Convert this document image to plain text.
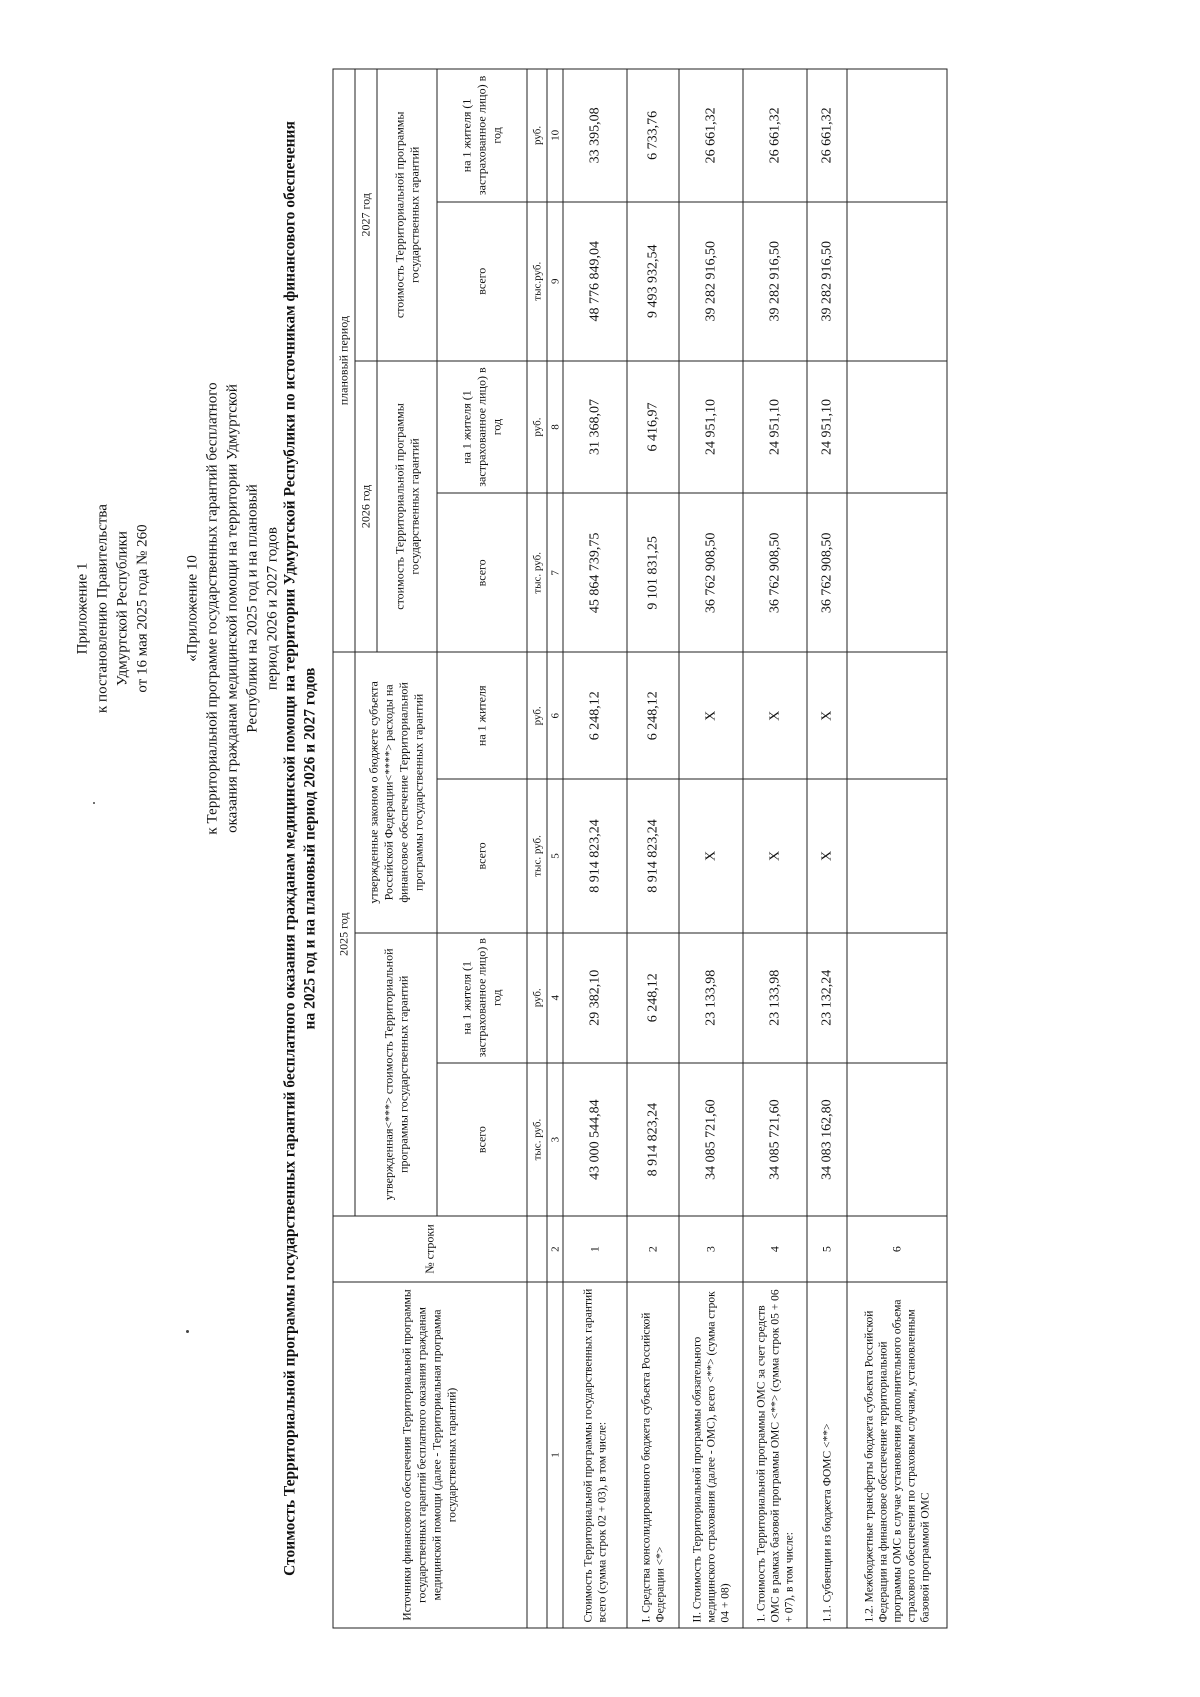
Приложение 1 к постановлению Правительства Удмуртской Республики от 16 мая 2025 года № 260 «Приложение 10 к Территориальной программе государственных гарантий бесплатного оказания гражданам медицинской помощи на территории Удмуртской Республики на 2025 год и на плановый период 2026 и 2027 годов Стоимость Территориальной программы государственных гарантий бесплатного оказания гражданам медицинской помощи на территории Удмуртской Республики по источникам финансового обеспечения на 2025 год и на плановый период 2026 и 2027 годов
Источники финансового обеспечения Территориальной программы государственных гарантий бесплатного оказания гражданам медицинской помощи (далее - Территориальная программа государственных гарантий)	№ строки	2025 год				плановый период			
		утвержденная<***> стоимость Территориальной программы государственных гарантий		утвержденные законом о бюджете субъекта Российской Федерации<****> расходы на финансовое обеспечение Территориальной программы государственных гарантий		2026 год		2027 год	
						стоимость Территориальной программы государственных гарантий		стоимость Территориальной программы государственных гарантий	
		всего	на 1 жителя (1 застрахованное лицо) в год	всего	на 1 жителя	всего	на 1 жителя (1 застрахованное лицо) в год	всего	на 1 жителя (1 застрахованное лицо) в год
		тыс. руб.	руб.	тыс. руб.	руб.	тыс. руб.	руб.	тыс.руб.	руб.
1	2	3	4	5	6	7	8	9	10
Стоимость Территориальной программы государственных гарантий всего (сумма строк 02 + 03), в том числе:	1	43 000 544,84	29 382,10	8 914 823,24	6 248,12	45 864 739,75	31 368,07	48 776 849,04	33 395,08
I. Средства консолидированного бюджета субъекта Российской Федерации <*>	2	8 914 823,24	6 248,12	8 914 823,24	6 248,12	9 101 831,25	6 416,97	9 493 932,54	6 733,76
II. Стоимость Территориальной программы обязательного медицинского страхования (далее - ОМС), всего <**> (сумма строк 04 + 08)	3	34 085 721,60	23 133,98	Х	Х	36 762 908,50	24 951,10	39 282 916,50	26 661,32
1. Стоимость Территориальной программы ОМС за счет средств ОМС в рамках базовой программы ОМС <**> (сумма строк 05 + 06 + 07), в том числе:	4	34 085 721,60	23 133,98	Х	Х	36 762 908,50	24 951,10	39 282 916,50	26 661,32
1.1. Субвенции из бюджета ФОМС <**>	5	34 083 162,80	23 132,24	Х	Х	36 762 908,50	24 951,10	39 282 916,50	26 661,32
1.2. Межбюджетные трансферты бюджета субъекта Российской Федерации на финансовое обеспечение территориальной программы ОМС в случае установления дополнительного объема страхового обеспечения по страховым случаям, установленным базовой программой ОМС	6								
